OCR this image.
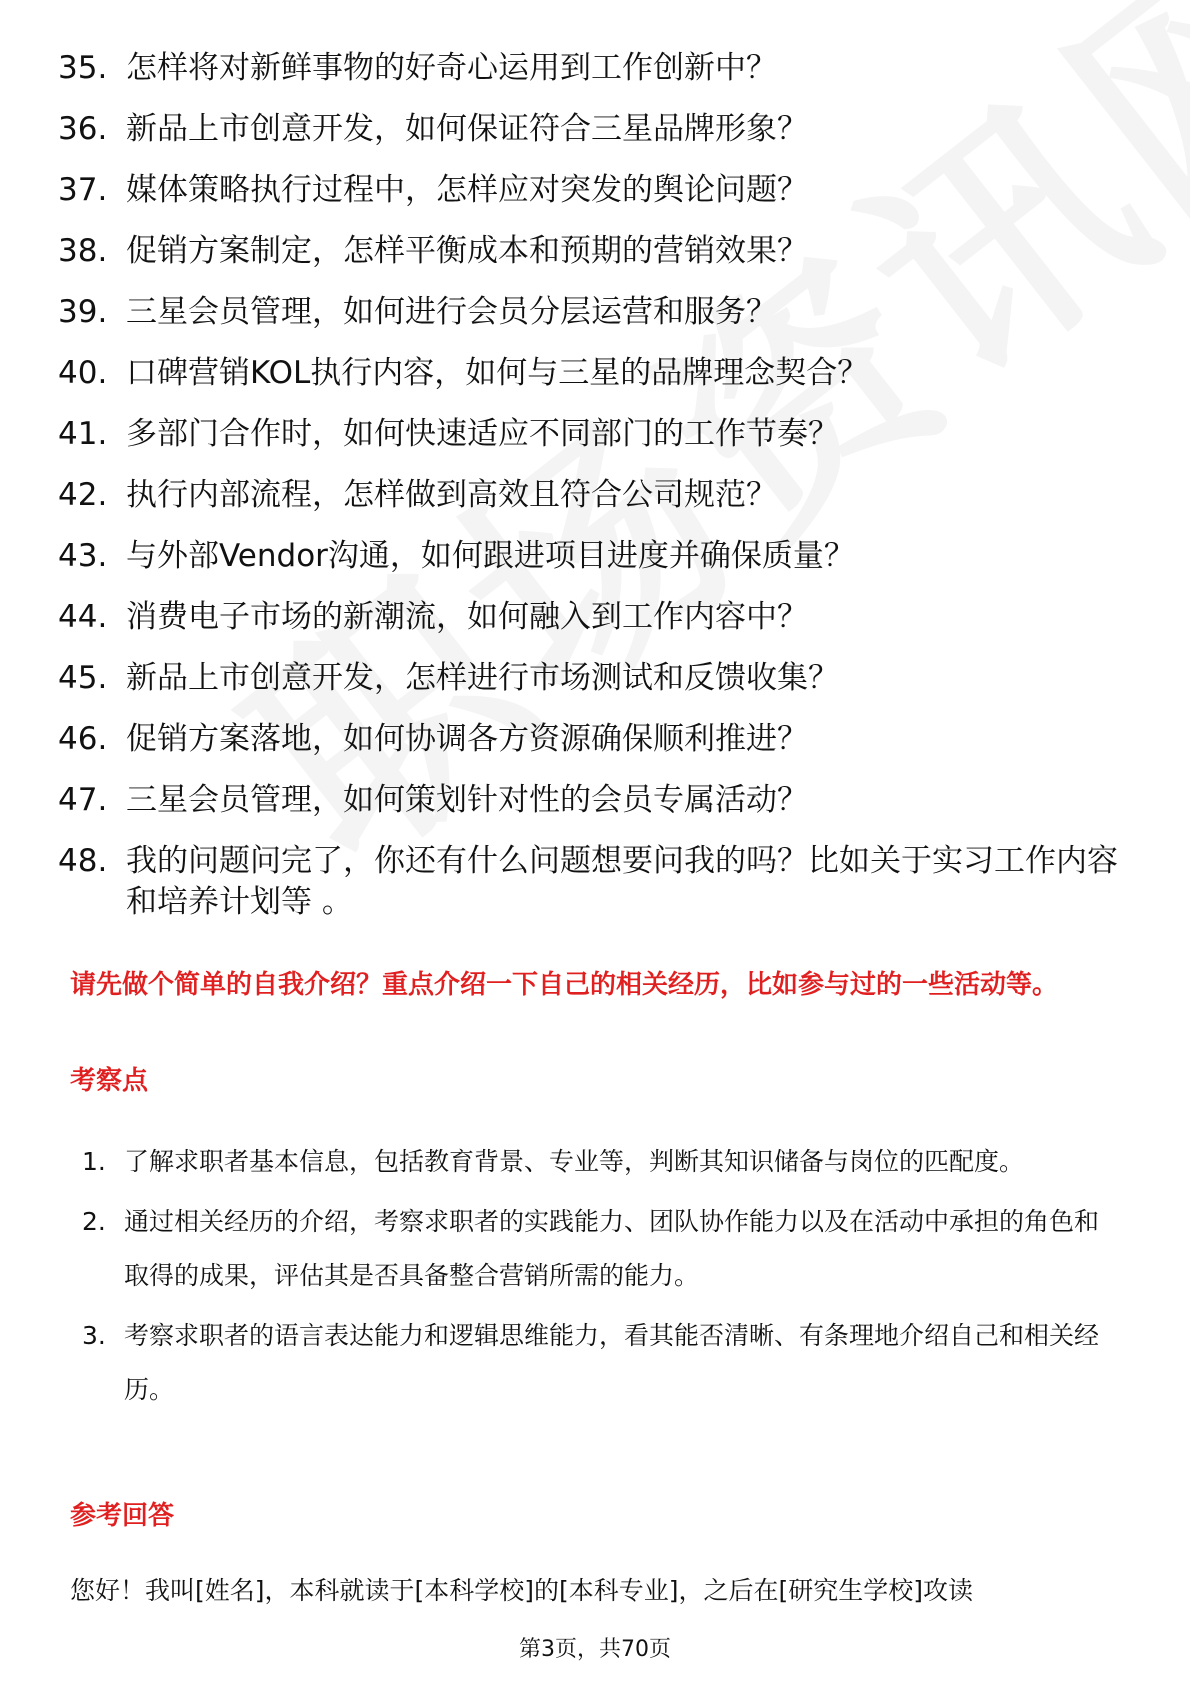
35. 怎样将对新鲜事物的好奇心运用到工作创新中？
36. 新品上市创意开发，如何保证符合三星品牌形象？
37. 媒体策略执行过程中，怎样应对突发的舆论问题？
38. 促销方案制定，怎样平衡成本和预期的营销效果？
39. 三星会员管理，如何进行会员分层运营和服务？
40. 口碑营销KOL执行内容，如何与三星的品牌理念契合？
41. 多部门合作时，如何快速适应不同部门的工作节奏？
42. 执行内部流程，怎样做到高效且符合公司规范？
43. 与外部Vendor沟通，如何跟进项目进度并确保质量？
44. 消费电子市场的新潮流，如何融入到工作内容中？
45. 新品上市创意开发，怎样进行市场测试和反馈收集？
46. 促销方案落地，如何协调各方资源确保顺利推进？
47. 三星会员管理，如何策划针对性的会员专属活动？
48. 我的问题问完了，你还有什么问题想要问我的吗？比如关于实习工作内容和培养计划等 。
请先做个简单的自我介绍？重点介绍一下自己的相关经历，比如参与过的一些活动等。
考察点
1. 了解求职者基本信息，包括教育背景、专业等，判断其知识储备与岗位的匹配度。
2. 通过相关经历的介绍，考察求职者的实践能力、团队协作能力以及在活动中承担的角色和取得的成果，评估其是否具备整合营销所需的能力。
3. 考察求职者的语言表达能力和逻辑思维能力，看其能否清晰、有条理地介绍自己和相关经历。
参考回答
您好！我叫[姓名]，本科就读于[本科学校]的[本科专业]，之后在[研究生学校]攻读
第3页，共70页
